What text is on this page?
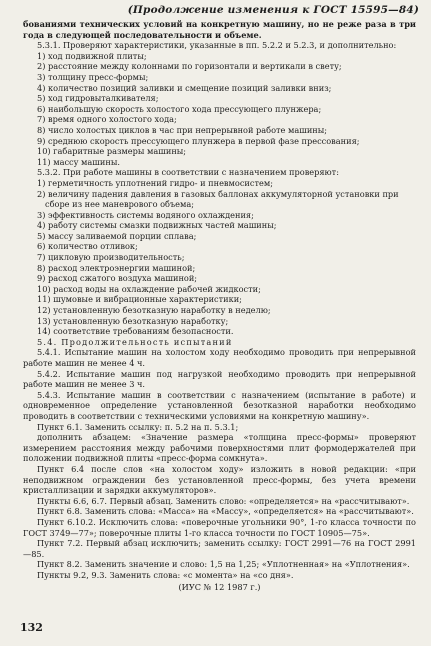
(Продолжение изменения к ГОСТ 15595—84)

бованиями технических условий на конкретную машину, но не реже раза в три года в следующей последовательности и объеме.

5.3.1. Проверяют характеристики, указанные в пп. 5.2.2 и 5.2.3, и дополнительно:

1) ход подвижной плиты;

2) расстояние между колоннами по горизонтали и вертикали в свету;

3) толщину пресс-формы;

4) количество позиций заливки и смещение позиций заливки вниз;

5) ход гидровыталкивателя;

6) наибольшую скорость холостого хода прессующего плунжера;

7) время одного холостого хода;

8) число холостых циклов в час при непрерывной работе машины;

9) среднюю скорость прессующего плунжера в первой фазе прессования;

10) габаритные размеры машины;

11) массу машины.

5.3.2. При работе машины в соответствии с назначением проверяют:

1) герметичность уплотнений гидро- и пневмосистем;

2) величину падения давления в газовых баллонах аккумуляторной установки при сборе из нее маневрового объема;

3) эффективность системы водяного охлаждения;

4) работу системы смазки подвижных частей машины;

5) массу заливаемой порции сплава;

6) количество отливок;

7) цикловую производительность;

8) расход электроэнергии машиной;

9) расход сжатого воздуха машиной;

10) расход воды на охлаждение рабочей жидкости;

11) шумовые и вибрационные характеристики;

12) установленную безотказную наработку в неделю;

13) установленную безотказную наработку;

14) соответствие требованиям безопасности.

5.4. Продолжительность испытаний

5.4.1. Испытание машин на холостом ходу необходимо проводить при непрерывной работе машин не менее 4 ч.

5.4.2. Испытание машин под нагрузкой необходимо проводить при непрерывной работе машин не менее 3 ч.

5.4.3. Испытание машин в соответствии с назначением (испытание в работе) и одновременное определение установленной безотказной наработки необходимо проводить в соответствии с техническими условиями на конкретную машину».

Пункт 6.1. Заменить ссылку: п. 5.2 на п. 5.3.1;

дополнить абзацем: «Значение размера «толщина пресс-формы» проверяют измерением расстояния между рабочими поверхностями плит формодержателей при положении подвижной плиты «пресс-форма сомкнута».

Пункт 6.4 после слов «на холостом ходу» изложить в новой редакции: «при неподвижном ограждении без установленной пресс-формы, без учета времени кристаллизации и зарядки аккумуляторов».

Пункты 6.6, 6.7. Первый абзац. Заменить слово: «определяется» на «рассчитывают».

Пункт 6.8. Заменить слова: «Масса» на «Массу», «определяется» на «рассчитывают».

Пункт 6.10.2. Исключить слова: «поверочные угольники 90°, 1-го класса точности по ГОСТ 3749—77»; поверочные плиты 1-го класса точности по ГОСТ 10905—75».

Пункт 7.2. Первый абзац исключить; заменить ссылку: ГОСТ 2991—76 на ГОСТ 2991—85.

Пункт 8.2. Заменить значение и слово: 1,5 на 1,25; «Уплотненная» на «Уплотнения».

Пункты 9.2, 9.3. Заменить слова: «с момента» на «со дня».

(ИУС № 12 1987 г.)

132
